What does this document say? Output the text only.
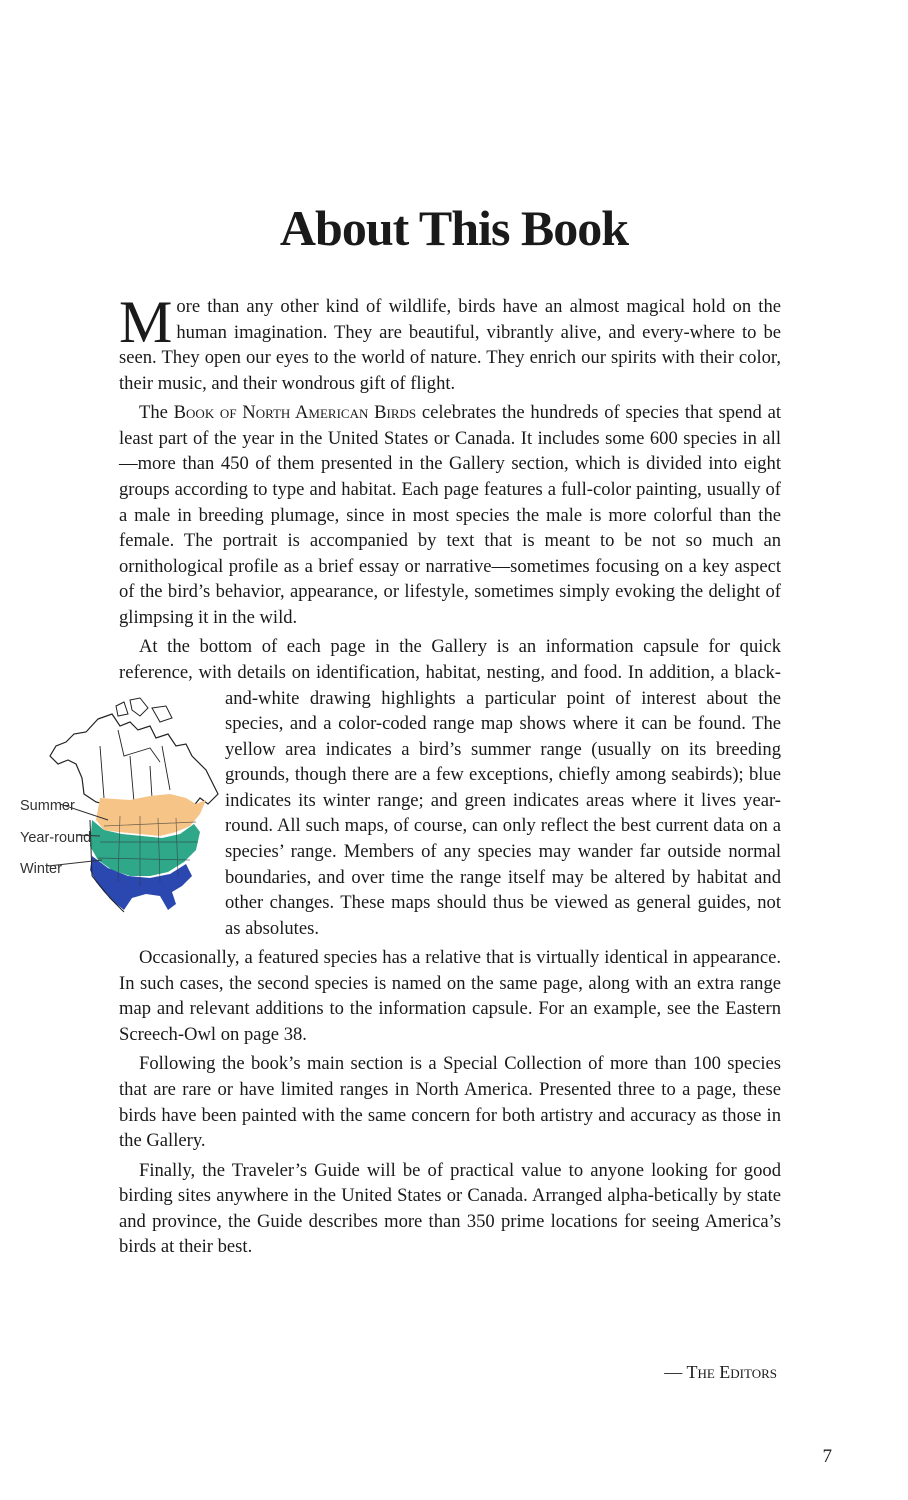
About This Book

More than any other kind of wildlife, birds have an almost magical hold on the human imagination. They are beautiful, vibrantly alive, and every-where to be seen. They open our eyes to the world of nature. They enrich our spirits with their color, their music, and their wondrous gift of flight.

The Book of North American Birds celebrates the hundreds of species that spend at least part of the year in the United States or Canada. It includes some 600 species in all—more than 450 of them presented in the Gallery section, which is divided into eight groups according to type and habitat. Each page features a full-color painting, usually of a male in breeding plumage, since in most species the male is more colorful than the female. The portrait is accompanied by text that is meant to be not so much an ornithological profile as a brief essay or narrative—sometimes focusing on a key aspect of the bird’s behavior, appearance, or lifestyle, sometimes simply evoking the delight of glimpsing it in the wild.

At the bottom of each page in the Gallery is an information capsule for quick reference, with details on identification, habitat, nesting, and food. In addition, a black-and-white drawing highlights a particular point of interest about the
Summer
Year-round
Winter
species, and a color-coded range map shows where it can be found. The yellow area indicates a bird’s summer range (usually on its breeding grounds, though there are a few exceptions, chiefly among seabirds); blue indicates its winter range; and green indicates areas where it lives year-round. All such maps, of course, can only reflect the best current data on a species’ range. Members of any species may wander far outside normal boundaries, and over time the range itself may be altered by habitat and other changes. These maps should thus be viewed as general guides, not as absolutes.

Occasionally, a featured species has a relative that is virtually identical in appearance. In such cases, the second species is named on the same page, along with an extra range map and relevant additions to the information capsule. For an example, see the Eastern Screech-Owl on page 38.

Following the book’s main section is a Special Collection of more than 100 species that are rare or have limited ranges in North America. Presented three to a page, these birds have been painted with the same concern for both artistry and accuracy as those in the Gallery.

Finally, the Traveler’s Guide will be of practical value to anyone looking for good birding sites anywhere in the United States or Canada. Arranged alpha-betically by state and province, the Guide describes more than 350 prime locations for seeing America’s birds at their best.

— The Editors
7
